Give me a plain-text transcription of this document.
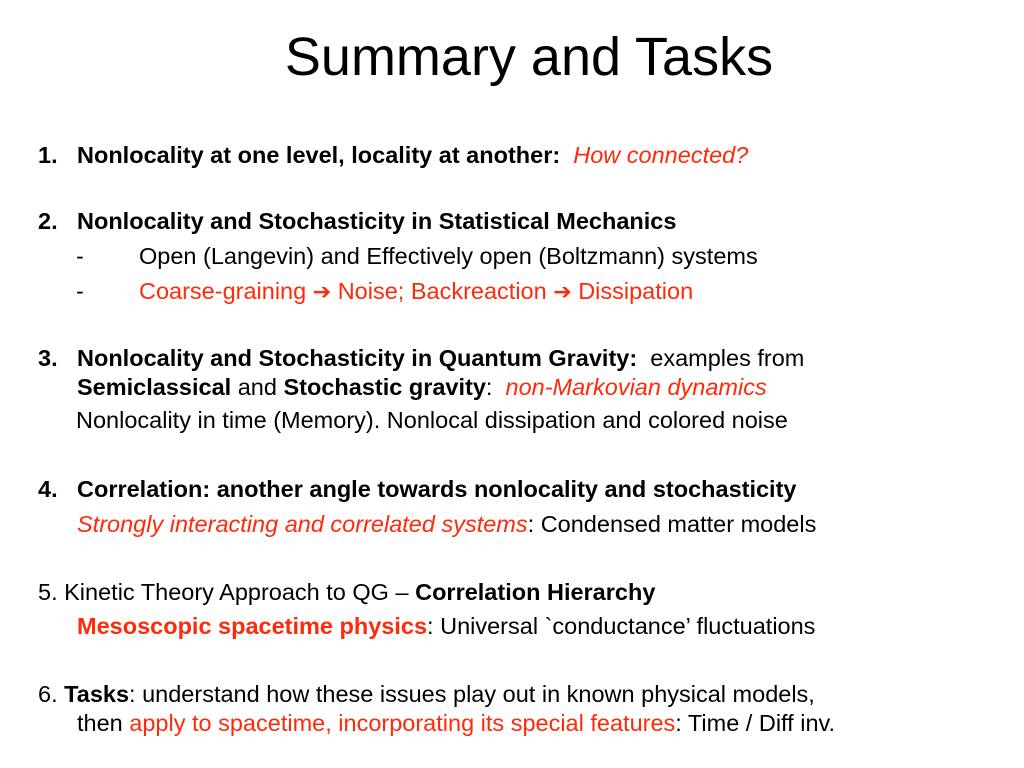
Summary and Tasks
1. Nonlocality at one level, locality at another: How connected?
2. Nonlocality and Stochasticity in Statistical Mechanics
- Open (Langevin) and Effectively open (Boltzmann) systems
- Coarse-graining ➔ Noise; Backreaction ➔ Dissipation
3. Nonlocality and Stochasticity in Quantum Gravity: examples from
Semiclassical and Stochastic gravity: non-Markovian dynamics
Nonlocality in time (Memory). Nonlocal dissipation and colored noise
4. Correlation: another angle towards nonlocality and stochasticity
Strongly interacting and correlated systems: Condensed matter models
5. Kinetic Theory Approach to QG – Correlation Hierarchy
Mesoscopic spacetime physics: Universal `conductance’ fluctuations
6. Tasks: understand how these issues play out in known physical models,
then apply to spacetime, incorporating its special features: Time / Diff inv.
